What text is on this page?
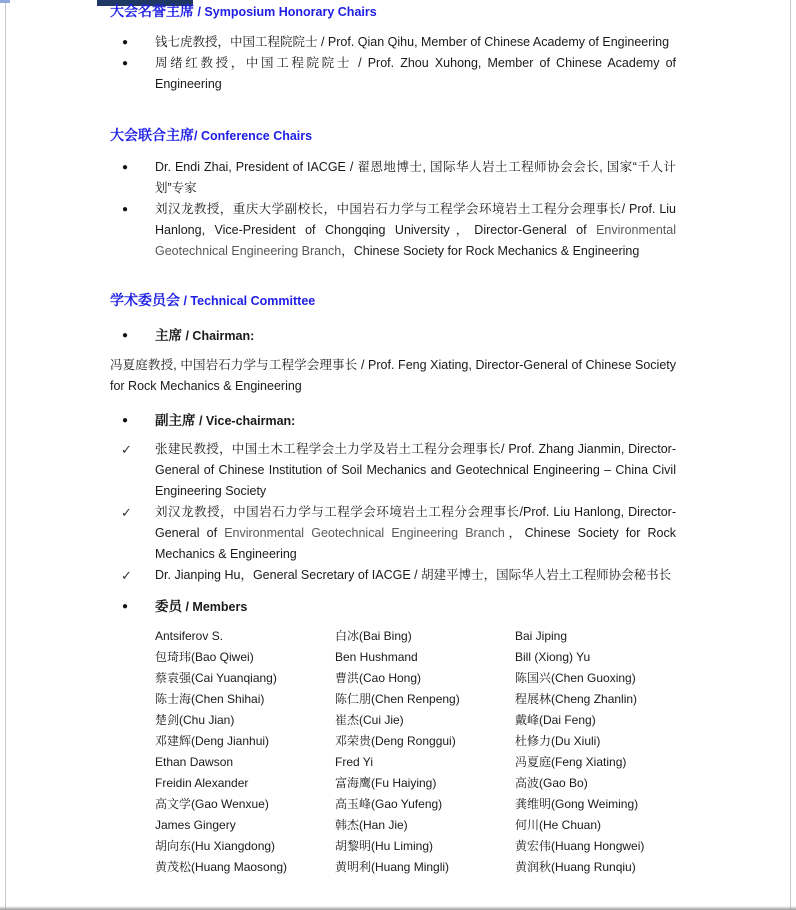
大会名誉主席 / Symposium Honorary Chairs
● 钱七虎教授，中国工程院院士 / Prof. Qian Qihu, Member of Chinese Academy of Engineering
● 周绪红教授，中国工程院院士 / Prof. Zhou Xuhong, Member of Chinese Academy of Engineering
大会联合主席/ Conference Chairs
● Dr. Endi Zhai, President of IACGE / 翟恩地博士, 国际华人岩土工程师协会会长, 国家“千人计划”专家
● 刘汉龙教授，重庆大学副校长，中国岩石力学与工程学会环境岩土工程分会理事长/ Prof. Liu Hanlong, Vice-President of Chongqing University，Director-General of Environmental Geotechnical Engineering Branch，Chinese Society for Rock Mechanics & Engineering
学术委员会 / Technical Committee
● 主席 / Chairman:
冯夏庭教授, 中国岩石力学与工程学会理事长 / Prof. Feng Xiating, Director-General of Chinese Society for Rock Mechanics & Engineering
● 副主席 / Vice-chairman:
✓ 张建民教授，中国土木工程学会土力学及岩土工程分会理事长/ Prof. Zhang Jianmin, Director-General of Chinese Institution of Soil Mechanics and Geotechnical Engineering – China Civil Engineering Society
✓ 刘汉龙教授，中国岩石力学与工程学会环境岩土工程分会理事长/Prof. Liu Hanlong, Director-General of Environmental Geotechnical Engineering Branch，Chinese Society for Rock Mechanics & Engineering
✓ Dr. Jianping Hu，General Secretary of IACGE / 胡建平博士，国际华人岩土工程师协会秘书长
● 委员 / Members
Antsiferov S.	白冰(Bai Bing)	Bai Jiping
包琦玮(Bao Qiwei)	Ben Hushmand	Bill (Xiong) Yu
蔡袁强(Cai Yuanqiang)	曹洪(Cao Hong)	陈国兴(Chen Guoxing)
陈士海(Chen Shihai)	陈仁朋(Chen Renpeng)	程展林(Cheng Zhanlin)
楚剑(Chu Jian)	崔杰(Cui Jie)	戴峰(Dai Feng)
邓建辉(Deng Jianhui)	邓荣贵(Deng Ronggui)	杜修力(Du Xiuli)
Ethan Dawson	Fred Yi	冯夏庭(Feng Xiating)
Freidin Alexander	富海鹰(Fu Haiying)	高波(Gao Bo)
高文学(Gao Wenxue)	高玉峰(Gao Yufeng)	龚维明(Gong Weiming)
James Gingery	韩杰(Han Jie)	何川(He Chuan)
胡向东(Hu Xiangdong)	胡黎明(Hu Liming)	黄宏伟(Huang Hongwei)
黄茂松(Huang Maosong)	黄明利(Huang Mingli)	黄润秋(Huang Runqiu)
